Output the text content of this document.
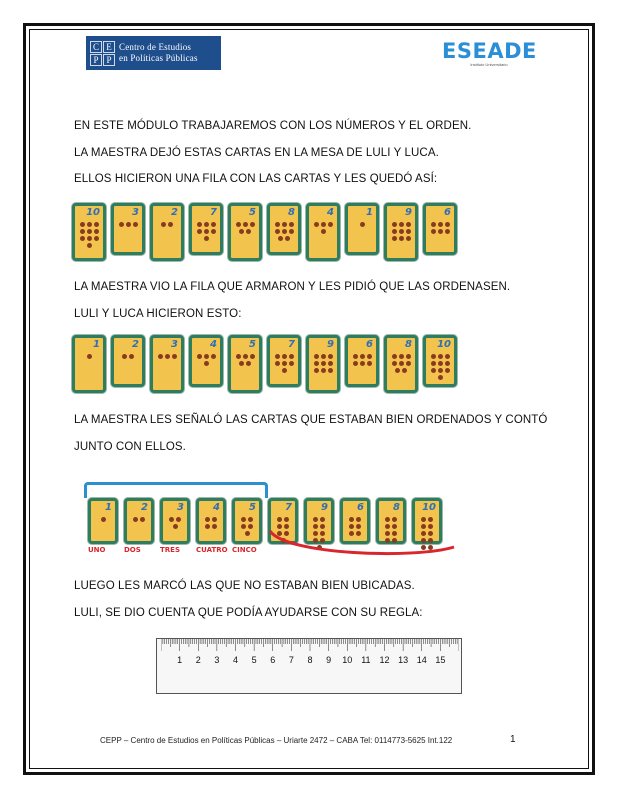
C E
P P
Centro de Estudios
en Políticas Públicas	ESEADE
Instituto Universitario
EN ESTE MÓDULO TRABAJAREMOS CON LOS NÚMEROS Y EL ORDEN.
LA MAESTRA DEJÓ ESTAS CARTAS EN LA MESA DE LULI Y LUCA.
ELLOS HICIERON UNA FILA CON LAS CARTAS Y LES QUEDÓ ASÍ:
10	3	2	7	5	8	4	1	9	6
LA MAESTRA VIO LA FILA QUE ARMARON Y LES PIDIÓ QUE LAS ORDENASEN.
LULI Y LUCA HICIERON ESTO:
1	2	3	4	5	7	9	6	8	10
LA MAESTRA LES SEÑALÓ LAS CARTAS QUE ESTABAN BIEN ORDENADOS Y CONTÓ
JUNTO CON ELLOS.
1	2	3	4	5	7	9	6	8 10
UNO	DOS	TRES CUATRO CINCO
LUEGO LES MARCÓ LAS QUE NO ESTABAN BIEN UBICADAS.
LULI, SE DIO CUENTA QUE PODÍA AYUDARSE CON SU REGLA:
1 2 3 4 5 6 7 8 9 10 11 12 13 14 15
CEPP – Centro de Estudios en Políticas Públicas – Uriarte 2472 – CABA Tel: 0114773-5625 Int.122	1
